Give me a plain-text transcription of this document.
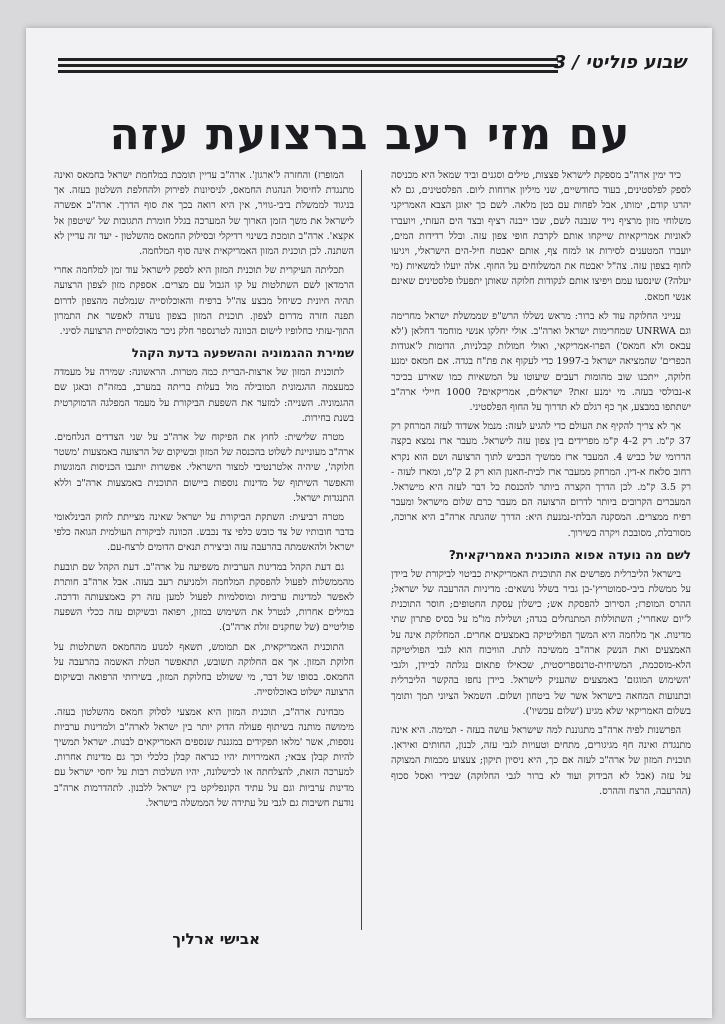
שבוע פוליטי / 3
עם מזי רעב ברצועת עזה

כיד ימין ארה"ב מספקת לישראל פצצות, טילים וסגנים וביד שמאל היא מכניסה לספק לפלסטינים, בעוד כחודשיים, שני מיליון ארוחות ליום. הפלסטינים, גם לא יהרגו קודם, ימותו, אבל לפחות עם בטן מלאה. לשם כך יאוגן הצבא האמריקני משלוחי מזון מרציף נייד שנבנה לשם, שבו ייבנה רציף ובצד הים העזתי, ויועברו לאוניות אמריקאיות שייקחו אותם לקרבת חופי צפון עזה. ובלל רדידות המים, יועברו המטענים לסירות או למזח צף, אותם יאבטח חיל-הים הישראלי, ויגיעו לחוף בצפון עזה. צה"ל יאבטח את המשלוחים על החוף. אלה יועלו למשאיות (מי יעלה?) שינסעו עמם ויפיצו אותם לנקודות חלוקה שאותן יתפעלו פלסטינים שאינם אנשי חמאס.

ענייני החלוקה עוד לא ברור: מראש נשללו הרש"פ שממשלת ישראל מחרימה וגם UNRWA שמחרימות ישראל וארה"ב. אולי יחלקו אנשי מוחמד דחלאן ('לא עבאס ולא חמאס') הפרו-אמריקאי, ואולי חמולות קבלניות, הדומות ל'אגודות הכפרים' שהמציאה ישראל ב-1997 כדי לעקוף את פת"ח בגדה. אם חמאס ימנע חלוקה, ייתכנו שוב מהומות רעבים שיעוטו על המשאיות כמו שאירע בכיכר א-נבולסי בעזה. מי ימנע זאת? ישראלים, אמריקאים? 1000 חיילי ארה"ב ישתתפו במבצע, אך כף רגלם לא תדרוך על החוף הפלסטיני.

אך לא צריך להקיף את העולם כדי להגיע לעזה: מנמל אשדוד לעזה המרחק רק 37 ק"מ. רק 4-2 ק"מ מפרידים בין צפון עזה לישראל. מעבר ארז נמצא בקצה הדרומי של כביש 4. המעבר ארז ממשיך הכביש לתוך הרצועה ושם הוא נקרא רחוב סלאח א-דין. המרחק ממעבר ארז לבית-חאנון הוא רק 2 ק"מ, ומארז לעזה - רק 3.5 ק"מ. לכן הדרך הקצרה ביותר להכנסת כל דבר לעזה היא מישראל. המעברים הקרובים ביותר לדרום הרצועה הם מעבר כרם שלום מישראל ומעבר רפיח ממצרים. המסקנה הבלתי-נמנעת היא: הדרך שהגתה ארה"ב היא ארוכה, מסורבלת, מסובכת ויקרה בשירוך.

לשם מה נועדה אפוא התוכנית האמריקאית?

בישראל הליברלית מפרשים את התוכנית האמריקאית כביטוי לביקורת של ביידן על ממשלת ביבי-סמוטריץ'-בן גביר בשלל נושאים: מדיניות ההרעבה של ישראל; ההרס המופרז; הסירוב להפסקת אש; כישלון עסקת החטופים; חוסר התוכנית ל'יום שאחרי'; השתוללות המתנחלים בגדה; ושלילת מו"מ על בסיס פתרון שתי מדינות. אך מלחמה היא המשך הפוליטיקה באמצעים אחרים. המחלוקת אינה על האמצעים ואת הנשק ארה"ב ממשיכה לתת. הוויכוח הוא לגבי הפוליטיקה הלא-מוסכמת, המשיחית-טרנספריסטית, שכאילו פתאום נגלתה לביידן, ולגבי 'השימוש המוגזם' באמצעים שהעניק לישראל. ביידן נחפז בהקשר הליברלית ובתנועות המחאה בישראל אשר של ביטחון ושלום. השמאל הציוני תמך ותומך בשלום האמריקאי שלא מגיע ('שלום עכשיו').

הפרשנות לפיה ארה"ב מתגוננת למה שישראל עושה בעזה - תמימה. היא אינה מתנגדת ואינה חף מגיגורים, מתחים וטעויות לגבי עזה, לבנון, החותים ואיראן. תוכנית המזון של ארה"ב לעזה אם כך, היא ניסיון תיקון; צעצוע מכמות המצוקה על עזה (אבל לא הבידוק ועוד לא ברור לגבי החלוקה) שבידי ואסל סכוף (ההרעבה, הרצח וההרס.

המופרז) והחזרה ל'ארגון'. ארה"ב עדיין תומכת במלחמת ישראל בחמאס ואינה מתנגדת לחיסול הנהגות החמאס, לניסיונות לפירוק ולהחלפת השלטון בעזה. אך בניגוד לממשלת ביבי-גוויר, אין היא רואה בכך את סוף הדרך. ארה"ב אפשרה לישראל את משך הזמן הארוך של המערכה בגלל חומרת התגובות של 'שיטפון אל אקצא'. ארה"ב תומכת בשינוי רדיקלי ובסילוק החמאס מהשלטון - יעד זה עדיין לא השתנה. לכן תוכנית המזון האמריקאית אינה סוף המלחמה.

תכליתה העיקרית של תוכנית המזון היא לספק לישראל עוד זמן למלחמה אחרי הרמדאן לשם השתלטות על קו הגבול עם מצרים. אספקת מזון לצפון הרצועה תהיה חיונית כשיחל מבצע צה"ל ברפיח והאוכלוסייה שנמלטה מהצפון לדרום תפנה חזרה מדרום לצפון. תוכנית המזון בצפון נועדה לאפשר את התמרון התוך-עזתי כחלופיו לישום הכוונה לטרנספר חלק ניכר מאוכלוסיית הרצועה לסיני.

שמירת ההגמוניה וההשפעה בדעת הקהל

לתוכנית המזון של ארצות-הברית כמה מטרות. הראשונה: שמירה על מעמדה כמעצמה ההגמונית המובילה מול בעלות בריתה במערב, במזה"ת ובאגן שם ההגמוניה. השנייה: למזער את השפעת הביקורת על מעמד המפלגה הדמוקרטית בשנת בחירות.

מטרה שלישית: לחוץ את הפיקוח של ארה"ב על שני הצדדים הנלחמים. ארה"ב מעוניינת לשלוט בהכנסה של המזון ובשיקום של הרצועה באמצעות 'משטר חלוקה', שיהיה אלטרנטיבי למצור הישראלי. אפשרות יותנבו הכניסות המוגשות והאפשר השיתוף של מדינות נוספות ביישום התוכנית באמצעות ארה"ב וללא התנגדות ישראל.

מטרה רביעית: השתקת הביקורת על ישראל שאינה מצייתת לחוק הבינלאומי בדבר חובותיו של צד כובש כלפי צד נכבש. הכוונה לביקורת העולמית הגואה כלפי ישראל ולהאשמתה בהרעבה עזה וביצירת תנאים הדומים לרצח-עם.

גם דעת הקהל במדינות הערביות משפיעה על ארה"ב. דעת הקהל שם תובעת מהממשלות לפעול להפסקת המלחמה ולמניעת רעב בעזה. אבל ארה"ב חותרת לאפשר למדינות ערביות ומוסלמיות לפעול למען עזה רק באמצעותה ודרכה. במילים אחרות, לנטרל את השימוש במזון, רפואה ובשיקום עזה ככלי השפעה פוליטיים (של שחקנים זולת ארה"ב).

התוכנית האמריקאית, אם תמומש, תשאף למנוע מהחמאס השתלטות על חלוקת המזון. אך אם החלוקה תשובש, תתאפשר הטלת האשמה בהרעבה על החמאס. בסופו של דבר, מי ששולט בחלוקת המזון, בשירותי הרפואה ובשיקום הרצועה ישלוט באוכלוסייה.

מבחינת ארה"ב, תוכנית המזון היא אמצעי לסלוק חמאס מהשלטון בעזה. מימושה מותנה בשיתוף פעולה הדוק יותר בין ישראל לארה"ב ולמדינות ערביות נוספות, אשר 'מלאו תפקידים במגננת שנספים האמריקאים לבנות. ישראל תמשיך להיות קבלן צבאי; האמירויות יהיו כנראה קבלן כלכלי וכך גם מדינות אחרות. למערכה הזאת, להצלחתה או לכישלונה, יהיו השלכות רבות על יחסי ישראל עם מדינות ערביות וגם על עתיד הקונפליקט בין ישראל ללבנון. לתהדרמות ארה"ב נודעת חשיבות גם לגבי על עתידה של הממשלה בישראל.

אבישי ארליך
